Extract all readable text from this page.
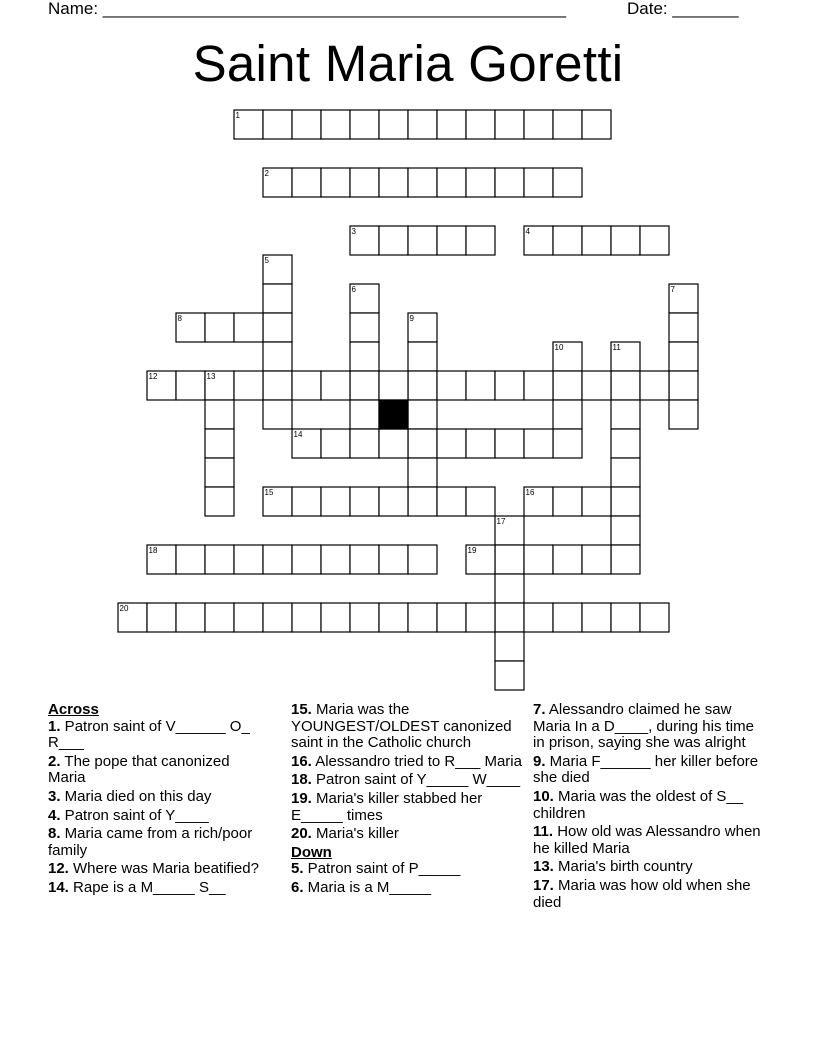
Name: _________________________________________________	Date: _______
Saint Maria Goretti
1
2
3	4
5
6	7
8	9
10	11
12	13
14
15	16
17
18	19
20
Across
1. Patron saint of V______ O_ R___
2. The pope that canonized Maria
3. Maria died on this day
4. Patron saint of Y____
8. Maria came from a rich/poor family
12. Where was Maria beatified?
14. Rape is a M_____ S__
15. Maria was the YOUNGEST/OLDEST canonized saint in the Catholic church
16. Alessandro tried to R___ Maria
18. Patron saint of Y_____ W____
19. Maria's killer stabbed her E_____ times
20. Maria's killer
Down
5. Patron saint of P_____
6. Maria is a M_____
7. Alessandro claimed he saw Maria In a D____, during his time in prison, saying she was alright
9. Maria F______ her killer before she died
10. Maria was the oldest of S__ children
11. How old was Alessandro when he killed Maria
13. Maria's birth country
17. Maria was how old when she died
